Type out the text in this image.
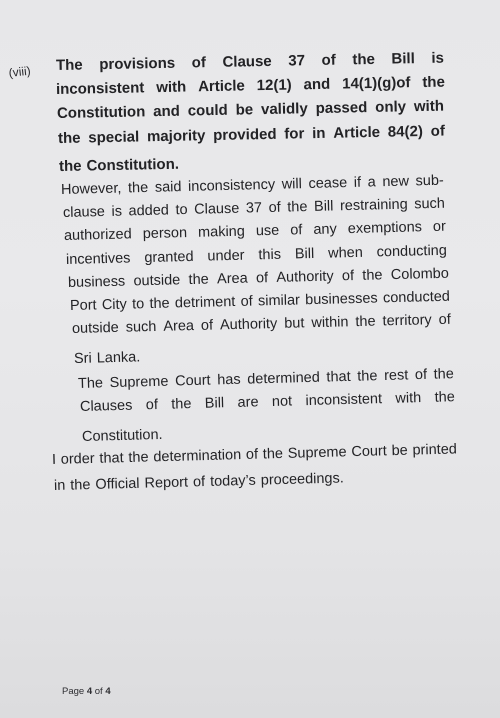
(viii) The provisions of Clause 37 of the Bill is
inconsistent with Article 12(1) and 14(1)(g)of the
Constitution and could be validly passed only with
the special majority provided for in Article 84(2) of
the Constitution.
However, the said inconsistency will cease if a new sub-
clause is added to Clause 37 of the Bill restraining such
authorized person making use of any exemptions or
incentives granted under this Bill when conducting
business outside the Area of Authority of the Colombo
Port City to the detriment of similar businesses conducted
outside such Area of Authority but within the territory of
Sri Lanka.
The Supreme Court has determined that the rest of the
Clauses of the Bill are not inconsistent with the
Constitution.
I order that the determination of the Supreme Court be printed
in the Official Report of today’s proceedings.
Page 4 of 4
